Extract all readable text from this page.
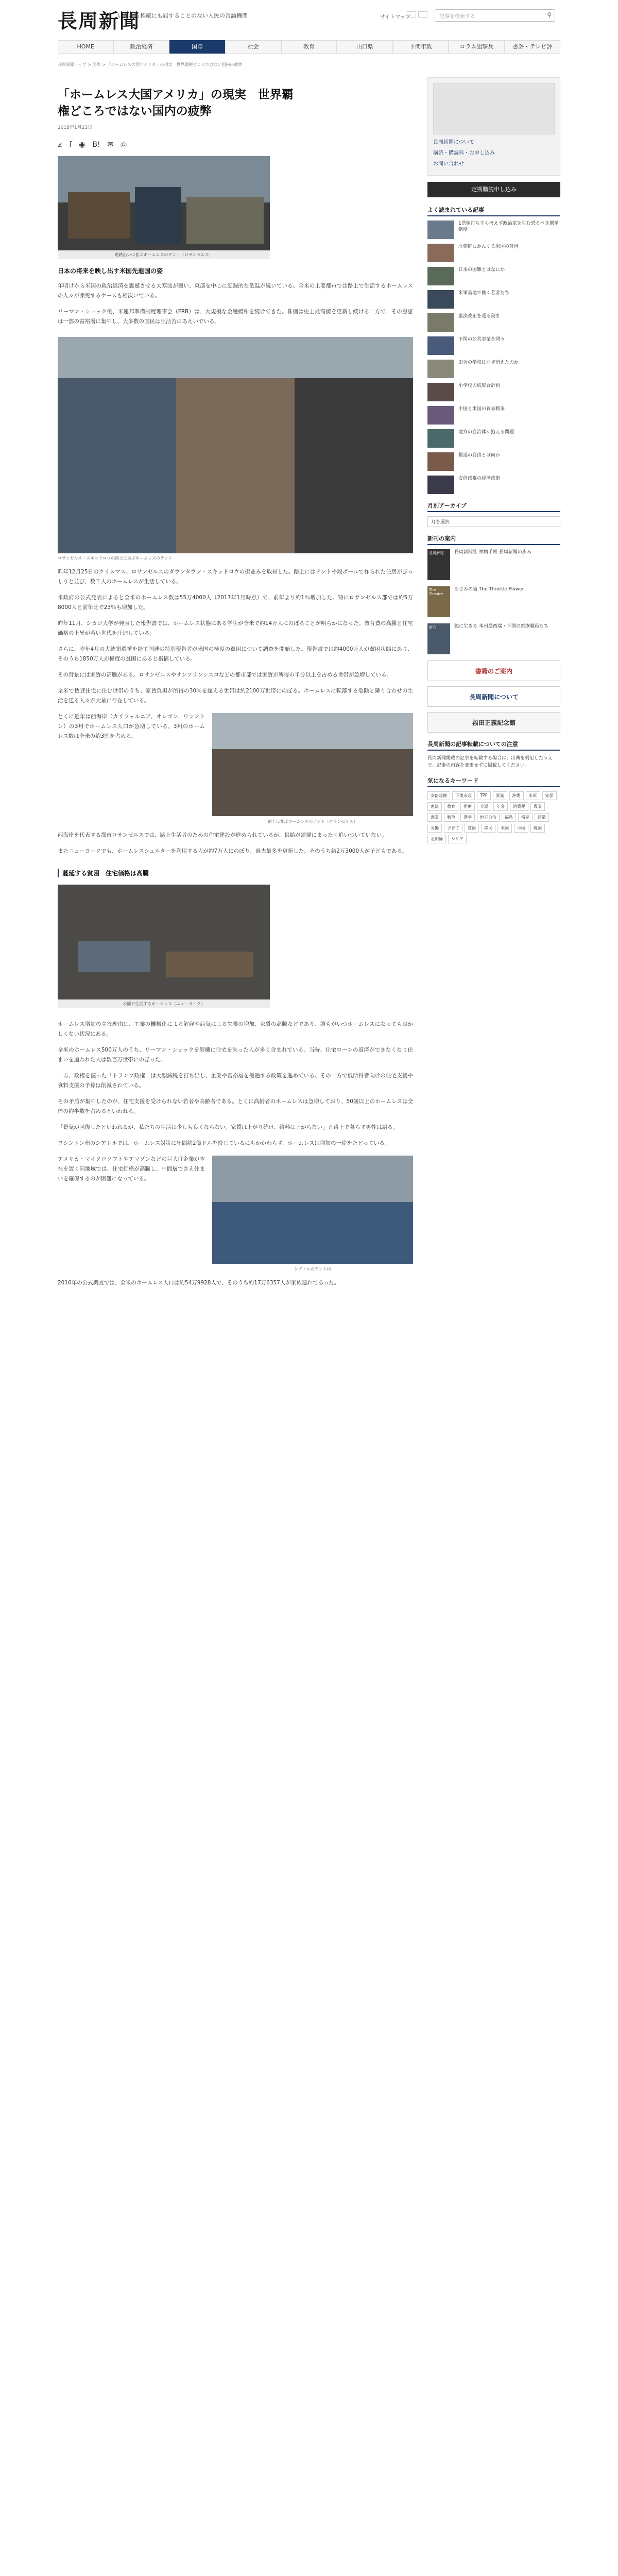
長周新聞
いかなる権威にも屈することのない人民の言論機関	サイトマップ	記事を検索する	⚲
HOME	政治経済	国際	社会	教育	山口県	下関市政	コラム狙撃兵	書評・テレビ評
長周新聞トップ > 国際 > 「ホームレス大国アメリカ」の現実　世界覇権どころではない国内の疲弊
「ホームレス大国アメリカ」の現実　世界覇
権どころではない国内の疲弊
2018年1月23日
𝕫 f ◉ B! ✉ ⎙
道路沿いに並ぶホームレスのテント（ロサンゼルス）
日本の将来を映し出す米国先進国の姿
年明けから米国の政治経済を震撼させる大寒波が襲い、東部を中心に記録的な低温が続いている。全米の主要都市では路上で生活するホームレスの人々が凍死するケースも相次いでいる。
リーマン・ショック後、米連邦準備制度理事会（FRB）は、大規模な金融緩和を続けてきた。株価は史上最高値を更新し続ける一方で、その恩恵は一部の富裕層に集中し、大多数の国民は生活苦にあえいでいる。
ロサンゼルス・スキッドロウの路上に並ぶホームレスのテント
昨年12月25日のクリスマス、ロサンゼルスのダウンタウン・スキッドロウの街並みを取材した。路上にはテントや段ボールで作られた住居がびっしりと並び、数千人のホームレスが生活している。
米政府の公式発表によると全米のホームレス数は55万4000人（2017年1月時点）で、前年より約1％増加した。特にロサンゼルス郡では約5万8000人と前年比で23％も増加した。
昨年11月、シカゴ大学が発表した報告書では、ホームレス状態にある学生が全米で約14万人にのぼることが明らかになった。教育費の高騰と住宅価格の上昇が若い世代を圧迫している。
さらに、昨年4月の大統領選挙を経て国連の特別報告者が米国の極度の貧困について調査を開始した。報告書では約4000万人が貧困状態にあり、そのうち1850万人が極度の貧困にあると指摘している。
その背景には家賃の高騰がある。ロサンゼルスやサンフランシスコなどの都市部では家賃が所得の半分以上を占める世帯が急増している。
全米で賃貸住宅に住む世帯のうち、家賃負担が所得の30％を超える世帯は約2100万世帯にのぼる。ホームレスに転落する危険と隣り合わせの生活を送る人々が大量に存在している。
路上に並ぶホームレスのテント（ロサンゼルス）
とくに近年は西海岸（カリフォルニア、オレゴン、ワシントン）の3州でホームレス人口が急増している。3州のホームレス数は全米の約3割を占める。
西海岸を代表する都市ロサンゼルスでは、路上生活者のための住宅建設が進められているが、供給が需要にまったく追いついていない。
またニューヨークでも、ホームレスシェルターを利用する人が約7万人にのぼり、過去最多を更新した。そのうち約2万3000人が子どもである。
蔓延する貧困　住宅価格は高騰
公園で生活するホームレス（ニューヨーク）
ホームレス増加の主な理由は、工業の機械化による解雇や病気による失業の増加、家賃の高騰などであり、誰もがいつホームレスになってもおかしくない状況にある。
全米のホームレス500万人のうち、リーマン・ショックを契機に住宅を失った人が多く含まれている。当時、住宅ローンの返済ができなくなり住まいを追われた人は数百万世帯にのぼった。
一方、政権を握った「トランプ政権」は大型減税を打ち出し、企業や富裕層を優遇する政策を進めている。その一方で低所得者向けの住宅支援や食料支援の予算は削減されている。
その矛盾が集中したのが、住宅支援を受けられない若者や高齢者である。とくに高齢者のホームレスは急増しており、50歳以上のホームレスは全体の約半数を占めるといわれる。
「景気が回復したといわれるが、私たちの生活は少しも良くならない。家賃は上がり続け、給料は上がらない」と路上で暮らす男性は語る。
ワシントン州のシアトルでは、ホームレス対策に年間約2億ドルを投じているにもかかわらず、ホームレスは増加の一途をたどっている。
シアトルのテント村
アメリカ・マイクロソフトやアマゾンなどの巨大IT企業が本社を置く同地域では、住宅価格が高騰し、中間層でさえ住まいを確保するのが困難になっている。
2016年の公式調査では、全米のホームレス人口は約54万9928人で、そのうち約17万6357人が家族連れであった。
長周新聞について
購読・購読料・お申し込み
お問い合わせ
定期購読申し込み
よく読まれている記事
1票値打ちすら考えず政治家を生む恐るべき選挙制度
北朝鮮にかんする米国の計画
日本の国難とはなにか
米軍基地で働く若者たち
憲法改正を巡る動き
下関の公共事業を問う
田舎の学校はなぜ消えたのか
小学校の統廃合計画
中国と米国の貿易戦争
地方の自治体が抱える問題
報道の自由とは何か
安倍政権の経済政策
月別アーカイブ
月を選択
新刊の案内
長周新聞	長周新聞社 神輿手帳 長周新聞の歩み
The Theatre
あさみの道 The Throttle Flower
新刊	強に生きる 本州最西端・下関の医療職員たち
書籍のご案内
長周新聞について
福田正義記念館
長周新聞の記事転載についての注意
長周新聞掲載の記事を転載する場合は、出典を明記したうえで、記事の内容を変更せずに掲載してください。
気になるキーワード
安倍政権	下関市政	TPP	原発	沖縄	米軍	安保
憲法	教育	医療	介護	年金	消費税	農業
漁業	戦争	選挙	地方自治	福島	格差	派遣
労働	子育て	貧困	移民	米国	中国	韓国
北朝鮮	シリア
